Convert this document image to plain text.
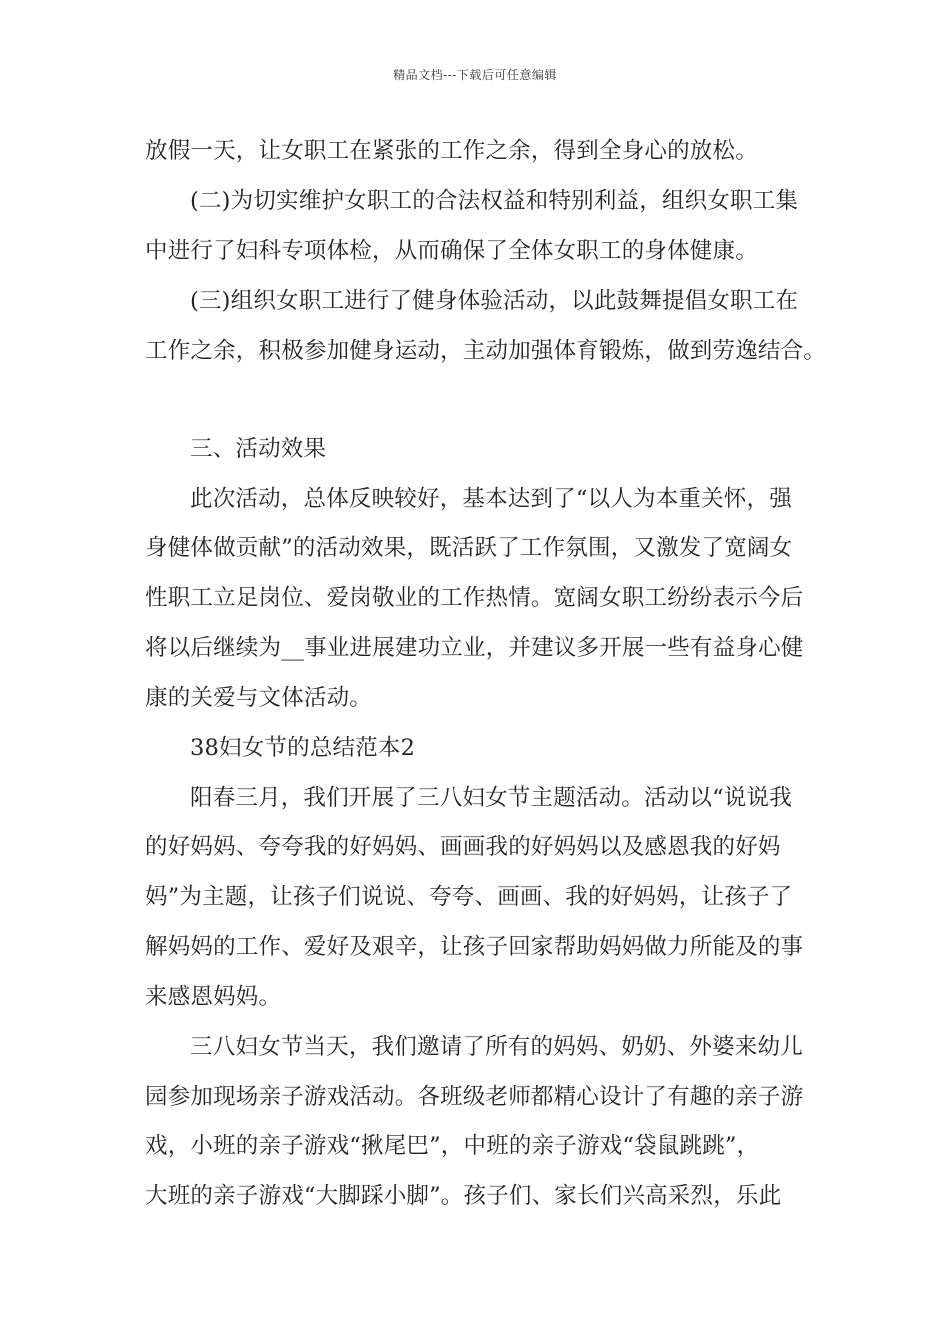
精品文档---下载后可任意编辑
放假一天，让女职工在紧张的工作之余，得到全身心的放松。
(二)为切实维护女职工的合法权益和特别利益，组织女职工集
中进行了妇科专项体检，从而确保了全体女职工的身体健康。
(三)组织女职工进行了健身体验活动，以此鼓舞提倡女职工在
工作之余，积极参加健身运动，主动加强体育锻炼，做到劳逸结合。
三、活动效果
此次活动，总体反映较好，基本达到了“以人为本重关怀，强
身健体做贡献”的活动效果，既活跃了工作氛围，又激发了宽阔女
性职工立足岗位、爱岗敬业的工作热情。宽阔女职工纷纷表示今后
将以后继续为__事业进展建功立业，并建议多开展一些有益身心健
康的关爱与文体活动。
38妇女节的总结范本2
阳春三月，我们开展了三八妇女节主题活动。活动以“说说我
的好妈妈、夸夸我的好妈妈、画画我的好妈妈以及感恩我的好妈
妈”为主题，让孩子们说说、夸夸、画画、我的好妈妈，让孩子了
解妈妈的工作、爱好及艰辛，让孩子回家帮助妈妈做力所能及的事
来感恩妈妈。
三八妇女节当天，我们邀请了所有的妈妈、奶奶、外婆来幼儿
园参加现场亲子游戏活动。各班级老师都精心设计了有趣的亲子游
戏，小班的亲子游戏“揪尾巴”，中班的亲子游戏“袋鼠跳跳”，
大班的亲子游戏“大脚踩小脚”。孩子们、家长们兴高采烈，乐此
